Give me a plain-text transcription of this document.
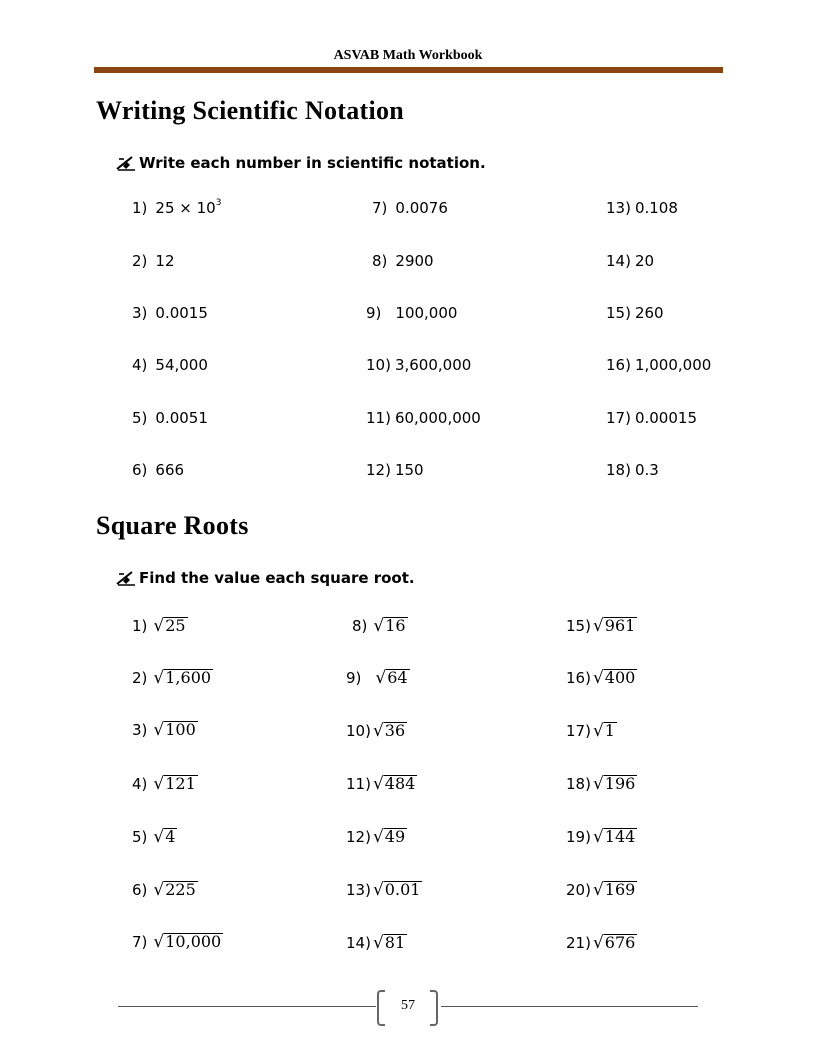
ASVAB Math Workbook
Writing Scientific Notation
Write each number in scientific notation.
1) $25 \times 10^3$
2) 12
3) 0.0015
4) 54,000
5) 0.0051
6) 666
7) 0.0076
8) 2900
9) 100,000
10) 3,600,000
11) 60,000,000
12) 150
13) 0.108
14) 20
15) 260
16) 1,000,000
17) 0.00015
18) 0.3
Square Roots
Find the value each square root.
1) √ 25
2) √ 1,600
3) √ 100
4) √ 121
5) √ 4
6) √ 225
7) √ 10,000
8) √ 16
9) √ 64
10) √ 36
11) √ 484
12) √ 49
13) √ 0.01
14) √ 81
15) √ 961
16) √ 400
17) √ 1
18) √ 196
19) √ 144
20) √ 169
21) √ 676
57
